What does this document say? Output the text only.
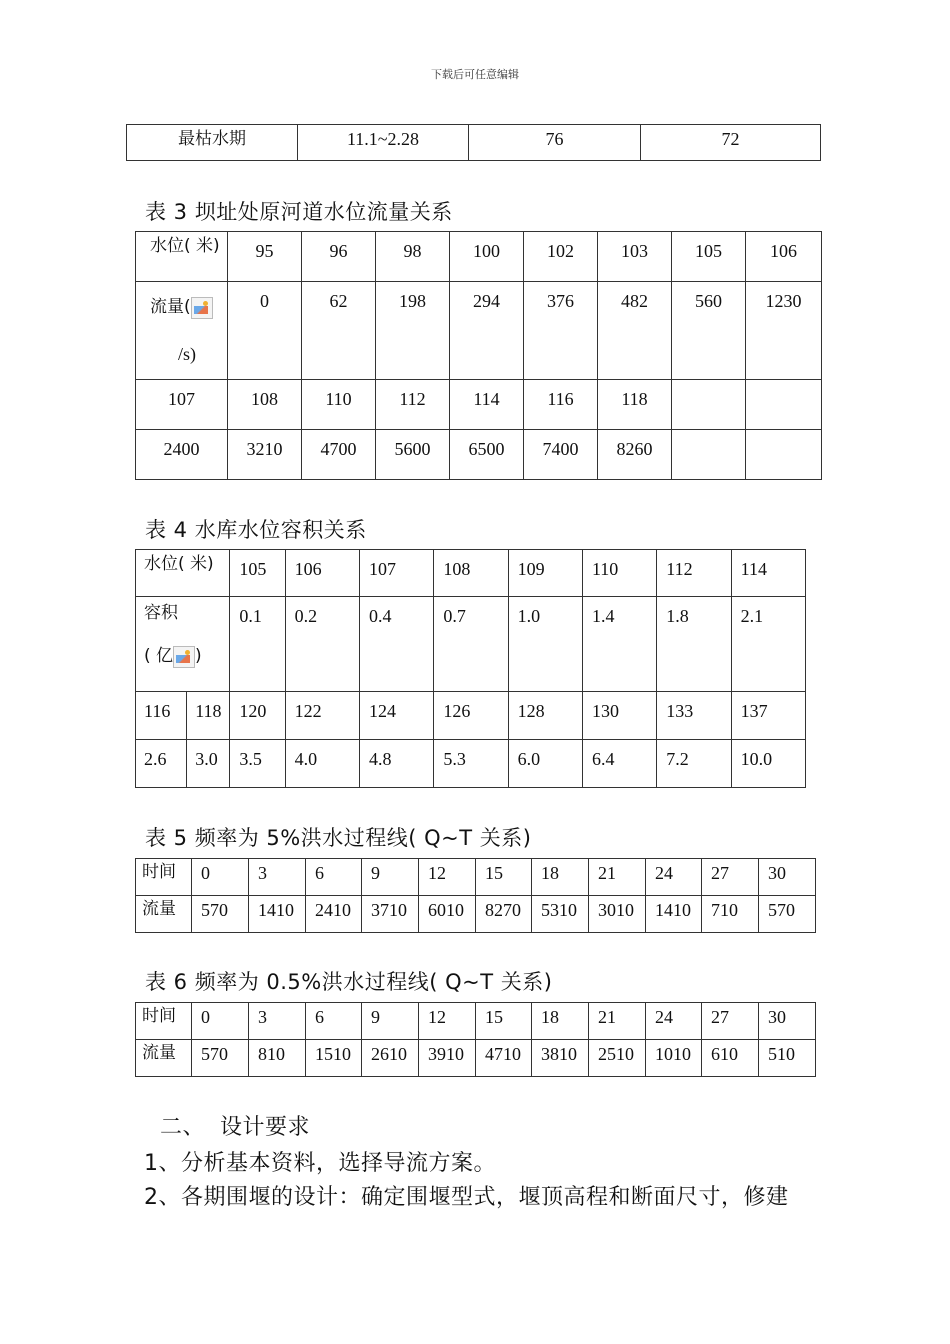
下载后可任意编辑
最枯水期	11.1~2.28	76	72
表 3 坝址处原河道水位流量关系
水位( 米)	95	96	98	100	102	103	105	106

流量(
/s)	0	62	198	294	376	482	560	1230
107	108	110	112	114	116	118		
2400	3210	4700	5600	6500	7400	8260		
表 4 水库水位容积关系
水位( 米)		105	106	107	108	109	110	112	114

容积
( 亿 )		0.1	0.2	0.4	0.7	1.0	1.4	1.8	2.1
116	118	120	122	124	126	128	130	133	137
2.6	3.0	3.5	4.0	4.8	5.3	6.0	6.4	7.2	10.0
表 5 频率为 5%洪水过程线( Q~T 关系)
时间	0	3	6	9	12	15	18	21	24	27	30
流量	570	1410	2410	3710	6010	8270	5310	3010	1410	710	570
表 6 频率为 0.5%洪水过程线( Q~T 关系)
时间	0	3	6	9	12	15	18	21	24	27	30
流量	570	810	1510	2610	3910	4710	3810	2510	1010	610	510
二、  设计要求
1、分析基本资料，选择导流方案。
2、各期围堰的设计：确定围堰型式，堰顶高程和断面尺寸，修建
